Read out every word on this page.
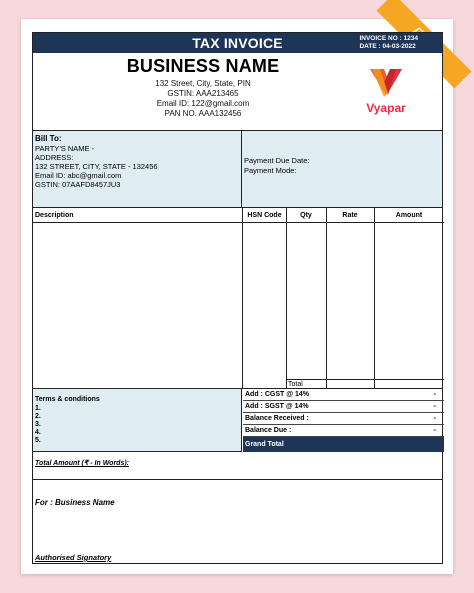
TAX INVOICE	INVOICE NO : 1234
DATE : 04-03-2022
BUSINESS NAME
132 Street, City, State, PIN
GSTIN: AAA213465
Email ID: 122@gmail.com
PAN NO. AAA132456	Vyapar
Bill To:
PARTY'S NAME -
ADDRESS:
132 STREET, CITY, STATE - 132456
Email ID: abc@gmail.com
GSTIN: 07AAFD8457JU3
Payment Due Date:
Payment Mode:
Description	HSN Code	Qty	Rate	Amount
Total
Terms & conditions
1.
2.
3.
4.
5.
Add : CGST @ 14%	-
Add : SGST @ 14%	-
Balance Received :	-
Balance Due :	-
Grand Total
Total Amount (₹ - In Words):
For : Business Name
Authorised Signatory
